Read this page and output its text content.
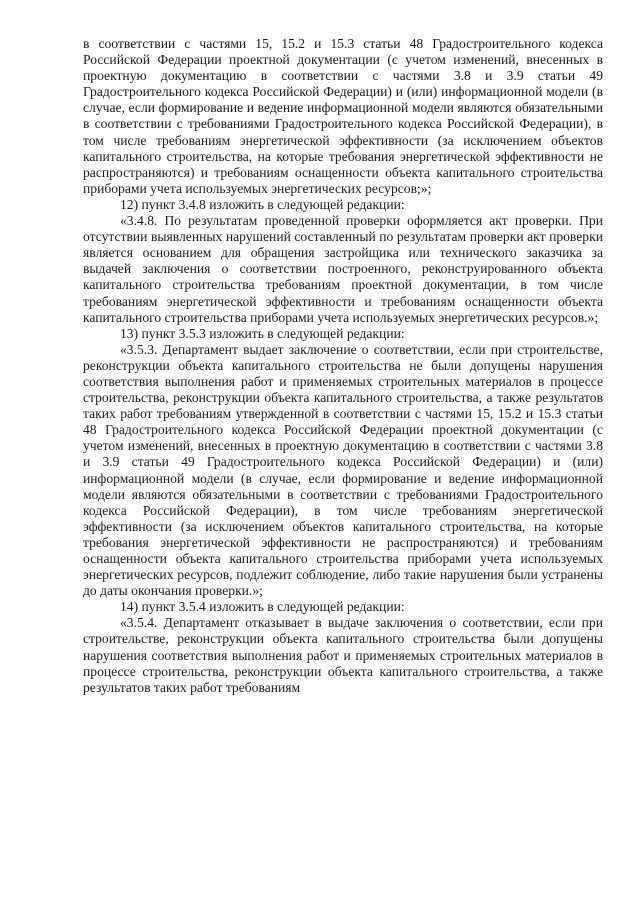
в соответствии с частями 15, 15.2 и 15.3 статьи 48 Градостроительного кодекса Российской Федерации проектной документации (с учетом изменений, внесенных в проектную документацию в соответствии с частями 3.8 и 3.9 статьи 49 Градостроительного кодекса Российской Федерации) и (или) информационной модели (в случае, если формирование и ведение информационной модели являются обязательными в соответствии с требованиями Градостроительного кодекса Российской Федерации), в том числе требованиям энергетической эффективности (за исключением объектов капитального строительства, на которые требования энергетической эффективности не распространяются) и требованиям оснащенности объекта капитального строительства приборами учета используемых энергетических ресурсов;»;

12) пункт 3.4.8 изложить в следующей редакции:

«3.4.8. По результатам проведенной проверки оформляется акт проверки. При отсутствии выявленных нарушений составленный по результатам проверки акт проверки является основанием для обращения застройщика или технического заказчика за выдачей заключения о соответствии построенного, реконструированного объекта капитального строительства требованиям проектной документации, в том числе требованиям энергетической эффективности и требованиям оснащенности объекта капитального строительства приборами учета используемых энергетических ресурсов.»;

13) пункт 3.5.3 изложить в следующей редакции:

«3.5.3. Департамент выдает заключение о соответствии, если при строительстве, реконструкции объекта капитального строительства не были допущены нарушения соответствия выполнения работ и применяемых строительных материалов в процессе строительства, реконструкции объекта капитального строительства, а также результатов таких работ требованиям утвержденной в соответствии с частями 15, 15.2 и 15.3 статьи 48 Градостроительного кодекса Российской Федерации проектной документации (с учетом изменений, внесенных в проектную документацию в соответствии с частями 3.8 и 3.9 статьи 49 Градостроительного кодекса Российской Федерации) и (или) информационной модели (в случае, если формирование и ведение информационной модели являются обязательными в соответствии с требованиями Градостроительного кодекса Российской Федерации), в том числе требованиям энергетической эффективности (за исключением объектов капитального строительства, на которые требования энергетической эффективности не распространяются) и требованиям оснащенности объекта капитального строительства приборами учета используемых энергетических ресурсов, подлежит соблюдение, либо такие нарушения были устранены до даты окончания проверки.»;

14) пункт 3.5.4 изложить в следующей редакции:

«3.5.4. Департамент отказывает в выдаче заключения о соответствии, если при строительстве, реконструкции объекта капитального строительства были допущены нарушения соответствия выполнения работ и применяемых строительных материалов в процессе строительства, реконструкции объекта капитального строительства, а также результатов таких работ требованиям
